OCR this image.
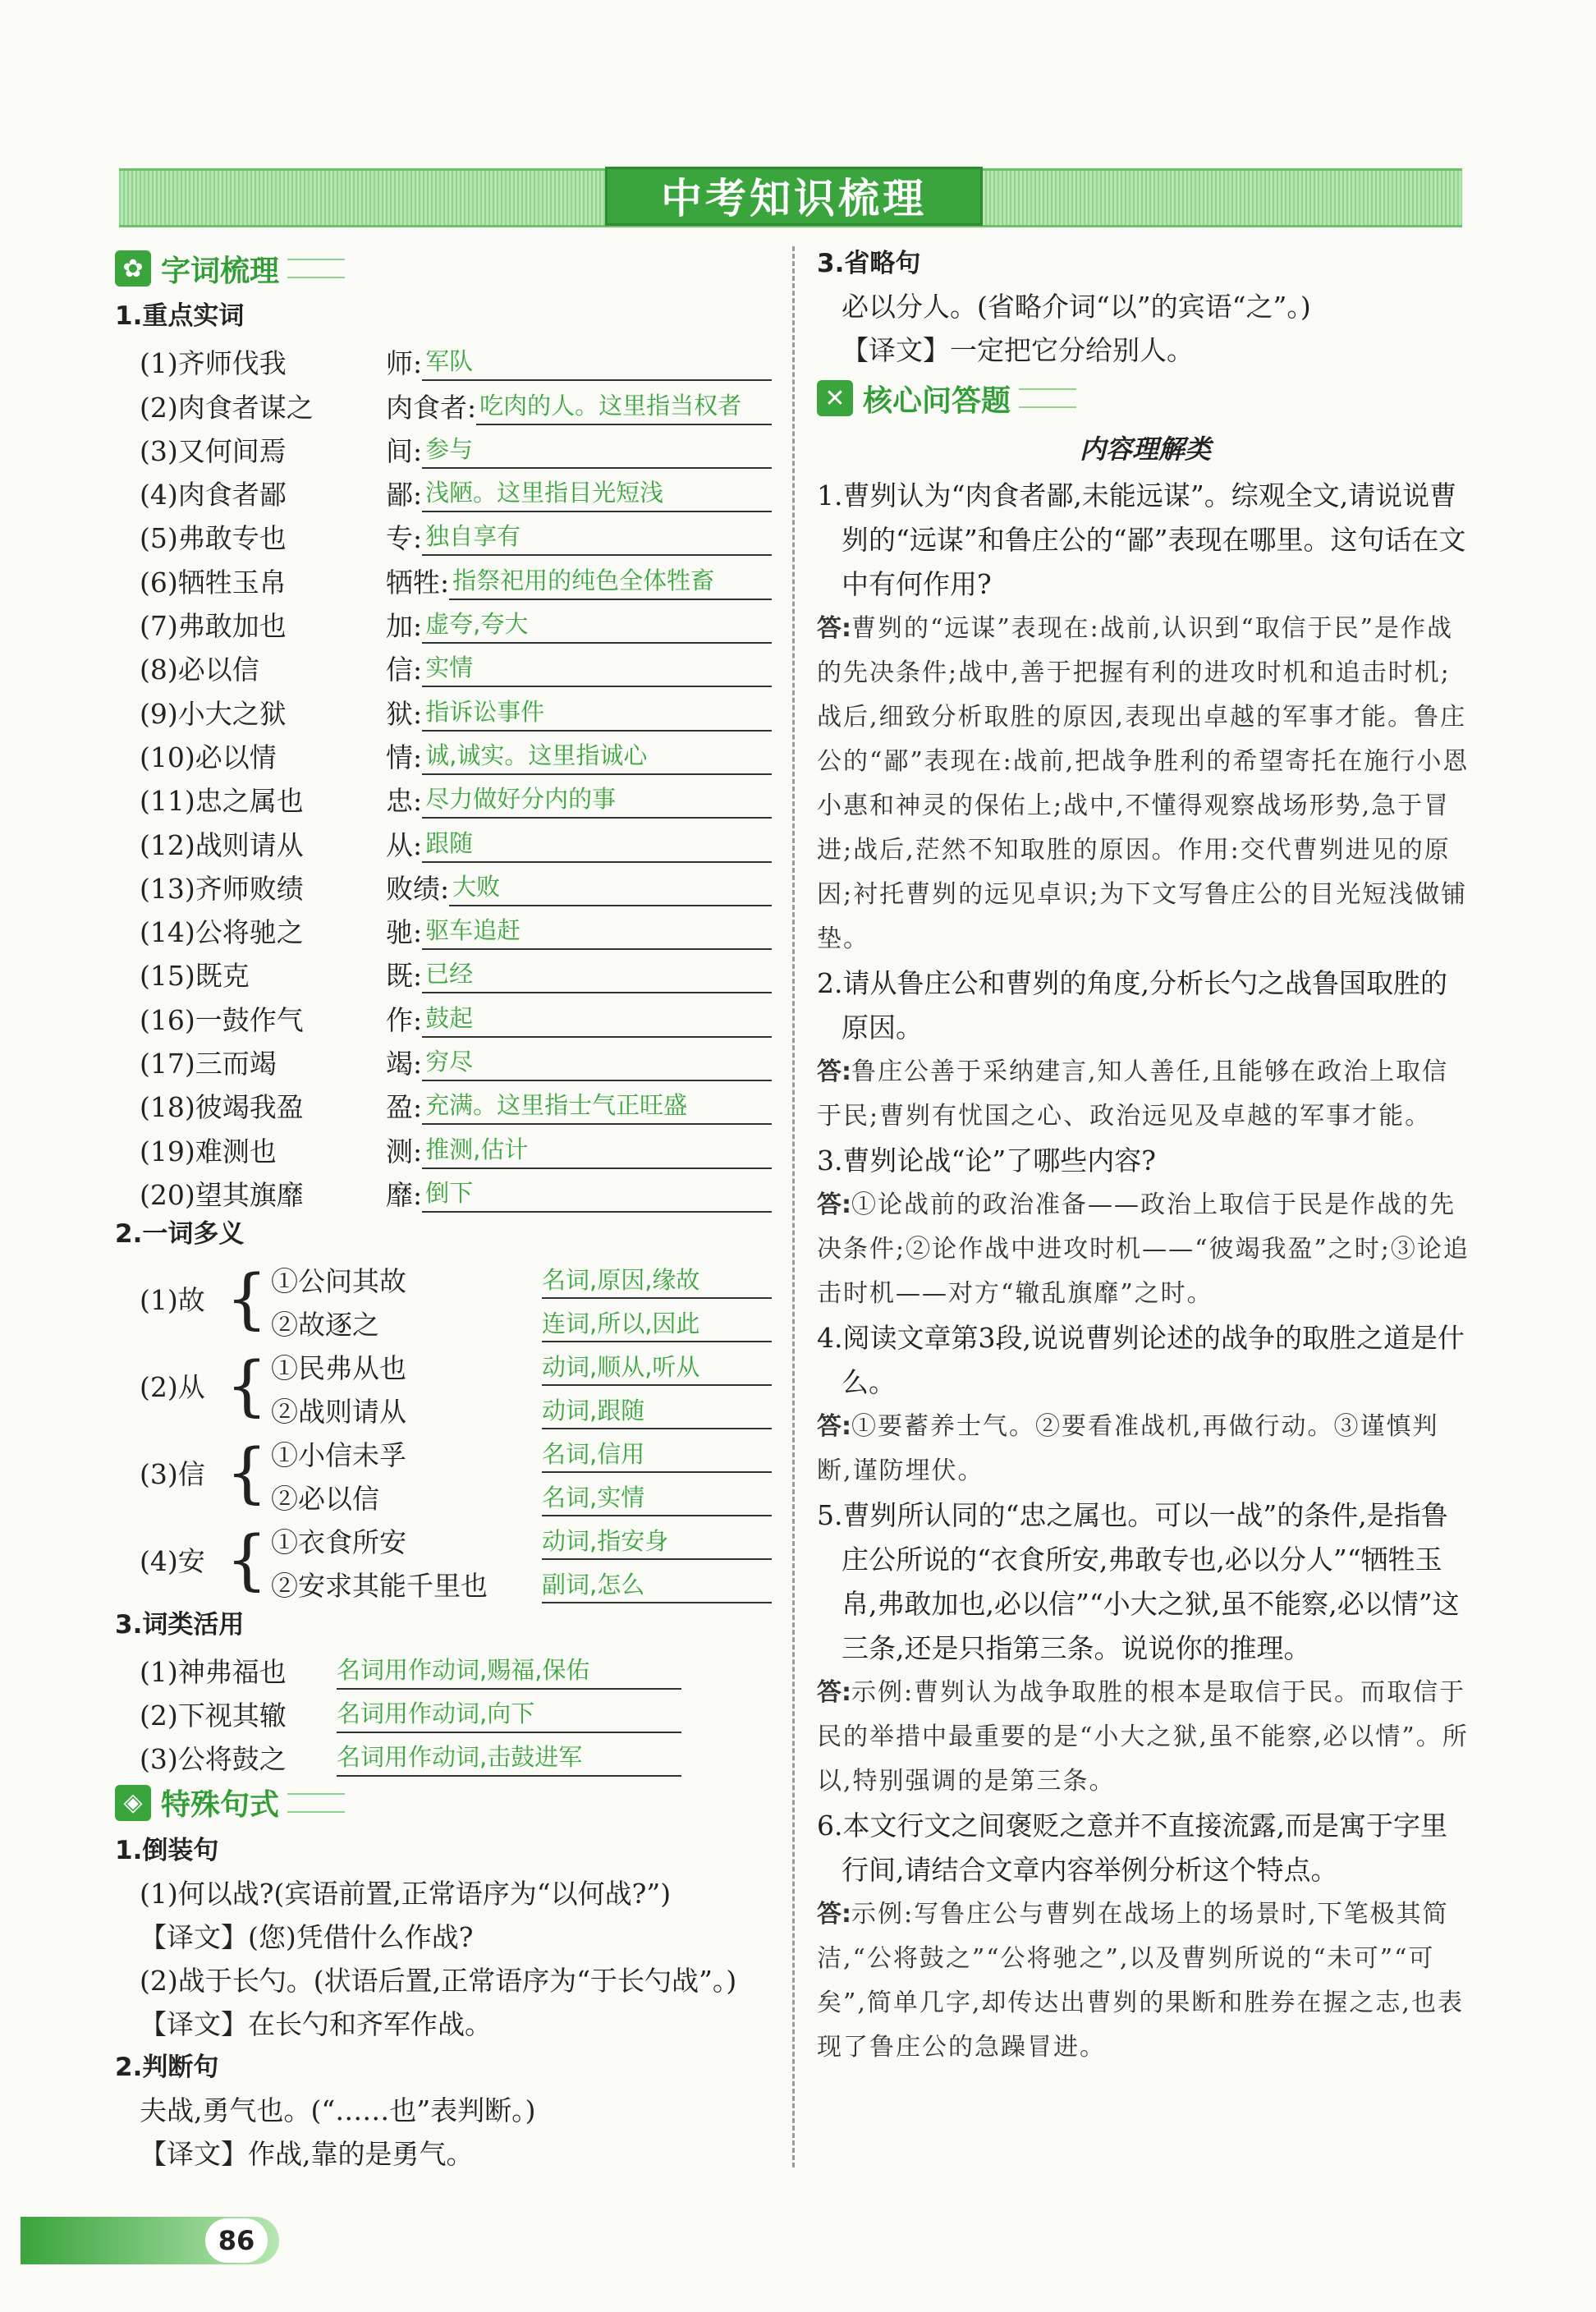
中考知识梳理
✿ 字词梳理
1.重点实词
(1)齐师伐我	师: 军队
(2)肉食者谋之	肉食者: 吃肉的人。这里指当权者
(3)又何间焉	间: 参与
(4)肉食者鄙	鄙: 浅陋。这里指目光短浅
(5)弗敢专也	专: 独自享有
(6)牺牲玉帛	牺牲: 指祭祀用的纯色全体牲畜
(7)弗敢加也	加: 虚夸,夸大
(8)必以信	信: 实情
(9)小大之狱	狱: 指诉讼事件
(10)必以情	情: 诚,诚实。这里指诚心
(11)忠之属也	忠: 尽力做好分内的事
(12)战则请从	从: 跟随
(13)齐师败绩	败绩: 大败
(14)公将驰之	驰: 驱车追赶
(15)既克	既: 已经
(16)一鼓作气	作: 鼓起
(17)三而竭	竭: 穷尽
(18)彼竭我盈	盈: 充满。这里指士气正旺盛
(19)难测也	测: 推测,估计
(20)望其旗靡	靡: 倒下
2.一词多义
(1)故 { ①公问其故	名词,原因,缘故
②故逐之	连词,所以,因此
(2)从 { ①民弗从也	动词,顺从,听从
②战则请从	动词,跟随
(3)信 { ①小信未孚	名词,信用
②必以信	名词,实情
(4)安 { ①衣食所安	动词,指安身
②安求其能千里也	副词,怎么
3.词类活用
(1)神弗福也	名词用作动词,赐福,保佑
(2)下视其辙	名词用作动词,向下
(3)公将鼓之	名词用作动词,击鼓进军
◈ 特殊句式
1.倒装句
(1)何以战?(宾语前置,正常语序为“以何战?”)
【译文】(您)凭借什么作战?
(2)战于长勺。(状语后置,正常语序为“于长勺战”。)
【译文】在长勺和齐军作战。
2.判断句
夫战,勇气也。(“……也”表判断。)
【译文】作战,靠的是勇气。
3.省略句
必以分人。(省略介词“以”的宾语“之”。)
【译文】一定把它分给别人。
✕ 核心问答题
内容理解类
1.曹刿认为“肉食者鄙,未能远谋”。综观全文,请说说曹刿的“远谋”和鲁庄公的“鄙”表现在哪里。这句话在文中有何作用?
答:曹刿的“远谋”表现在:战前,认识到“取信于民”是作战的先决条件;战中,善于把握有利的进攻时机和追击时机;战后,细致分析取胜的原因,表现出卓越的军事才能。鲁庄公的“鄙”表现在:战前,把战争胜利的希望寄托在施行小恩小惠和神灵的保佑上;战中,不懂得观察战场形势,急于冒进;战后,茫然不知取胜的原因。作用:交代曹刿进见的原因;衬托曹刿的远见卓识;为下文写鲁庄公的目光短浅做铺垫。
2.请从鲁庄公和曹刿的角度,分析长勺之战鲁国取胜的原因。
答:鲁庄公善于采纳建言,知人善任,且能够在政治上取信于民;曹刿有忧国之心、政治远见及卓越的军事才能。
3.曹刿论战“论”了哪些内容?
答:①论战前的政治准备——政治上取信于民是作战的先决条件;②论作战中进攻时机——“彼竭我盈”之时;③论追击时机——对方“辙乱旗靡”之时。
4.阅读文章第3段,说说曹刿论述的战争的取胜之道是什么。
答:①要蓄养士气。②要看准战机,再做行动。③谨慎判断,谨防埋伏。
5.曹刿所认同的“忠之属也。可以一战”的条件,是指鲁庄公所说的“衣食所安,弗敢专也,必以分人”“牺牲玉帛,弗敢加也,必以信”“小大之狱,虽不能察,必以情”这三条,还是只指第三条。说说你的推理。
答:示例:曹刿认为战争取胜的根本是取信于民。而取信于民的举措中最重要的是“小大之狱,虽不能察,必以情”。所以,特别强调的是第三条。
6.本文行文之间褒贬之意并不直接流露,而是寓于字里行间,请结合文章内容举例分析这个特点。
答:示例:写鲁庄公与曹刿在战场上的场景时,下笔极其简洁,“公将鼓之”“公将驰之”,以及曹刿所说的“未可”“可矣”,简单几字,却传达出曹刿的果断和胜券在握之志,也表现了鲁庄公的急躁冒进。
86
